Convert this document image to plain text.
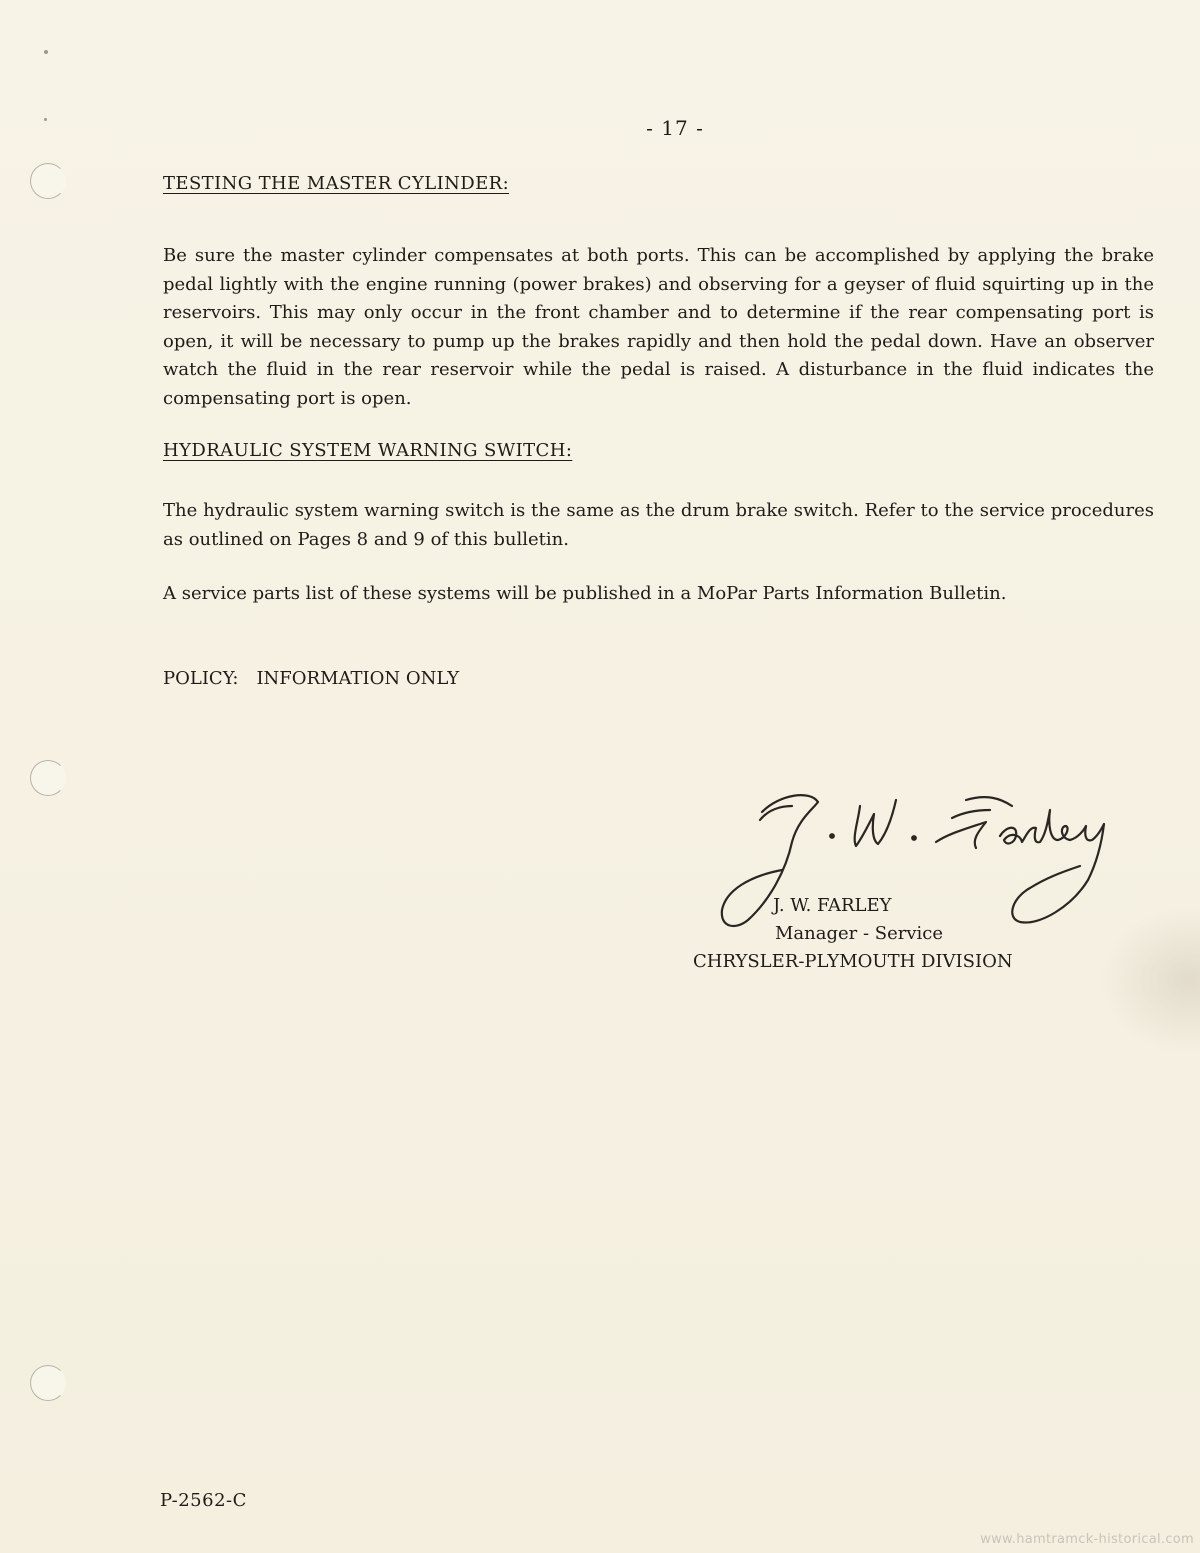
- 17 -
TESTING THE MASTER CYLINDER:
Be sure the master cylinder compensates at both ports. This can be accomplished by applying the brake pedal lightly with the engine running (power brakes) and observing for a geyser of fluid squirting up in the reservoirs. This may only occur in the front chamber and to determine if the rear compensating port is open, it will be necessary to pump up the brakes rapidly and then hold the pedal down. Have an observer watch the fluid in the rear reservoir while the pedal is raised. A disturbance in the fluid indicates the compensating port is open.
HYDRAULIC SYSTEM WARNING SWITCH:
The hydraulic system warning switch is the same as the drum brake switch. Refer to the service procedures as outlined on Pages 8 and 9 of this bulletin.
A service parts list of these systems will be published in a MoPar Parts Information Bulletin.
POLICY: INFORMATION ONLY
J. W. FARLEY
Manager - Service
CHRYSLER-PLYMOUTH DIVISION
P-2562-C
www.hamtramck-historical.com
